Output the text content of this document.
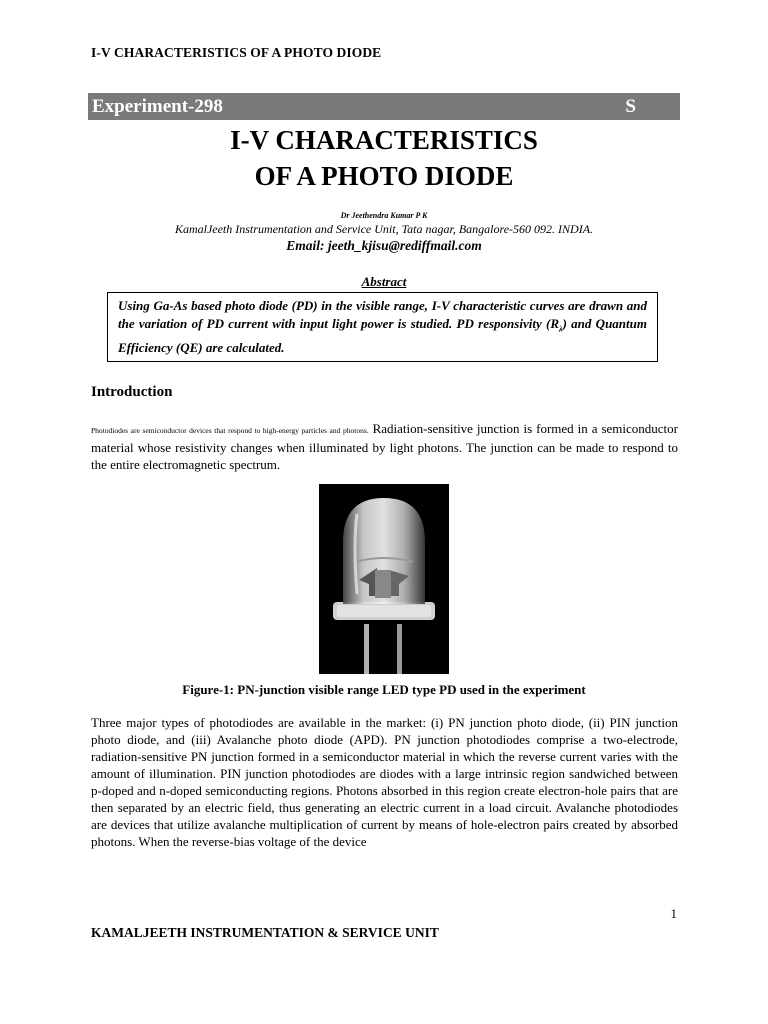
I-V CHARACTERISTICS OF A PHOTO DIODE
Experiment-298	S
I-V CHARACTERISTICS
OF A PHOTO DIODE
Dr Jeethendra Kumar P K
KamalJeeth Instrumentation and Service Unit, Tata nagar, Bangalore-560 092. INDIA.
Email: jeeth_kjisu@rediffmail.com
Abstract
Using Ga-As based photo diode (PD) in the visible range, I-V characteristic curves are drawn and the variation of PD current with input light power is studied. PD responsivity $(R_\lambda)$ and Quantum Efficiency (QE) are calculated.
Introduction
Photodiodes are semiconductor devices that respond to high-energy particles and photons. Radiation-sensitive junction is formed in a semiconductor material whose resistivity changes when illuminated by light photons. The junction can be made to respond to the entire electromagnetic spectrum.
Figure-1: PN-junction visible range LED type PD used in the experiment
Three major types of photodiodes are available in the market: (i) PN junction photo diode, (ii) PIN junction photo diode, and (iii) Avalanche photo diode (APD). PN junction photodiodes comprise a two-electrode, radiation-sensitive PN junction formed in a semiconductor material in which the reverse current varies with the amount of illumination. PIN junction photodiodes are diodes with a large intrinsic region sandwiched between p-doped and n-doped semiconducting regions. Photons absorbed in this region create electron-hole pairs that are then separated by an electric field, thus generating an electric current in a load circuit. Avalanche photodiodes are devices that utilize avalanche multiplication of current by means of hole-electron pairs created by absorbed photons. When the reverse-bias voltage of the device
1
KAMALJEETH INSTRUMENTATION & SERVICE UNIT
